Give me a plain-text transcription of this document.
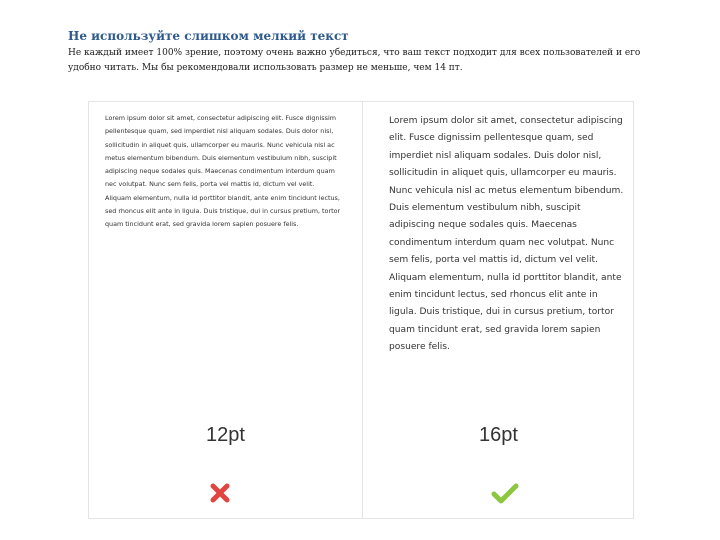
Не используйте слишком мелкий текст
Не каждый имеет 100% зрение, поэтому очень важно убедиться, что ваш текст подходит для всех пользователей и его удобно читать. Мы бы рекомендовали использовать размер не меньше, чем 14 пт.
Lorem ipsum dolor sit amet, consectetur adipiscing elit. Fusce dignissim pellentesque quam, sed imperdiet nisl aliquam sodales. Duis dolor nisl, sollicitudin in aliquet quis, ullamcorper eu mauris. Nunc vehicula nisl ac metus elementum bibendum. Duis elementum vestibulum nibh, suscipit adipiscing neque sodales quis. Maecenas condimentum interdum quam nec volutpat. Nunc sem felis, porta vel mattis id, dictum vel velit. Aliquam elementum, nulla id porttitor blandit, ante enim tincidunt lectus, sed rhoncus elit ante in ligula. Duis tristique, dui in cursus pretium, tortor quam tincidunt erat, sed gravida lorem sapien posuere felis.
Lorem ipsum dolor sit amet, consectetur adipiscing elit. Fusce dignissim pellentesque quam, sed imperdiet nisl aliquam sodales. Duis dolor nisl, sollicitudin in aliquet quis, ullamcorper eu mauris. Nunc vehicula nisl ac metus elementum bibendum. Duis elementum vestibulum nibh, suscipit adipiscing neque sodales quis. Maecenas condimentum interdum quam nec volutpat. Nunc sem felis, porta vel mattis id, dictum vel velit. Aliquam elementum, nulla id porttitor blandit, ante enim tincidunt lectus, sed rhoncus elit ante in ligula. Duis tristique, dui in cursus pretium, tortor quam tincidunt erat, sed gravida lorem sapien posuere felis.
12pt	16pt
